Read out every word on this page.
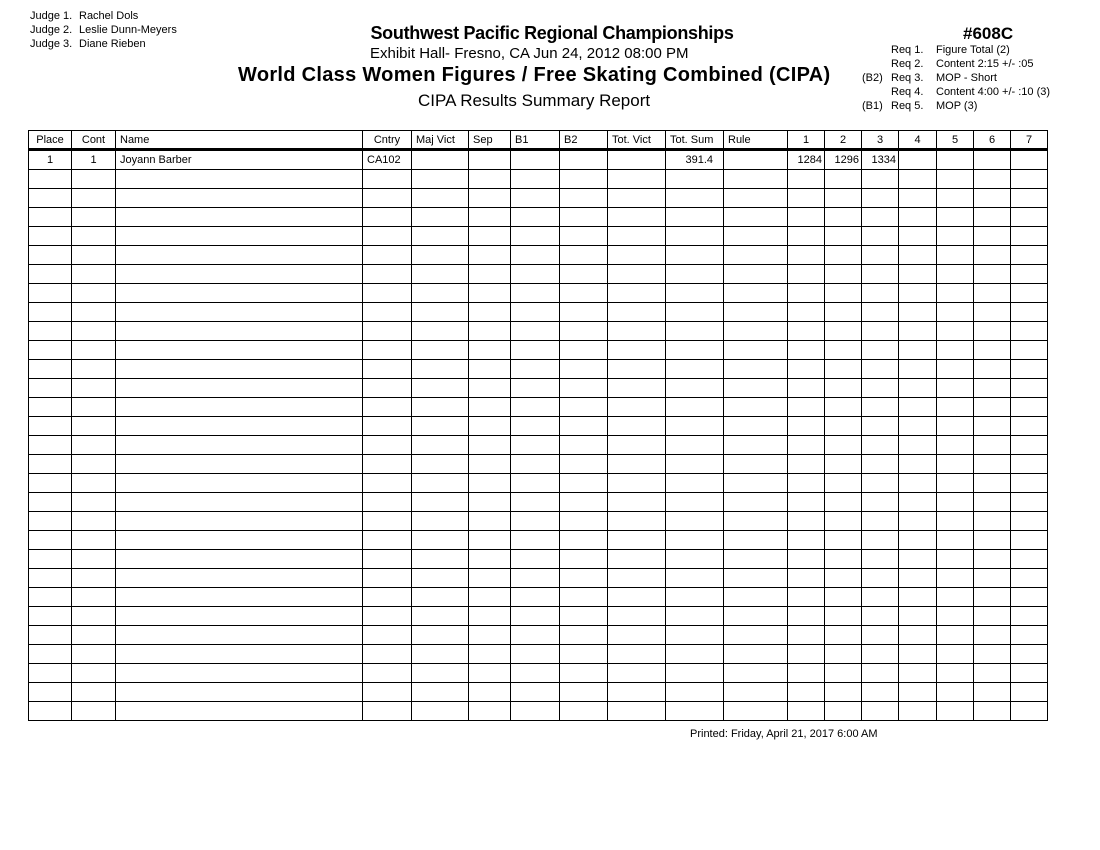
Judge 1. Rachel Dols
Judge 2. Leslie Dunn-Meyers
Judge 3. Diane Rieben
Southwest Pacific Regional Championships
Exhibit Hall- Fresno, CA Jun 24, 2012 08:00 PM
World Class Women Figures / Free Skating Combined (CIPA)
CIPA Results Summary Report
#608C
Req 1. Figure Total (2)
Req 2. Content 2:15 +/- :05
(B2) Req 3. MOP - Short
Req 4. Content 4:00 +/- :10 (3)
(B1) Req 5. MOP (3)
Place	Cont	Name	Cntry	Maj Vict	Sep	B1	B2	Tot. Vict	Tot. Sum	Rule	1	2	3	4	5	6	7
1	1	Joyann Barber	CA102						391.4		1284	1296	1334				

Printed: Friday, April 21, 2017 6:00 AM
